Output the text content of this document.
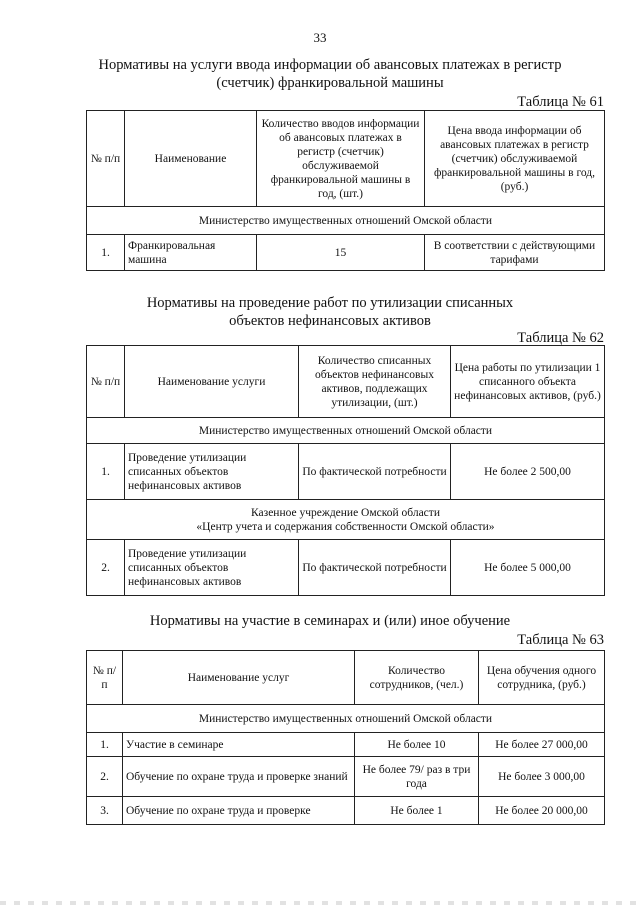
33
Нормативы на услуги ввода информации об авансовых платежах в регистр
(счетчик) франкировальной машины
Таблица № 61
№ п/п	Наименование	Количество вводов информации об авансовых платежах в регистр (счетчик) обслуживаемой франкировальной машины в год, (шт.)	Цена ввода информации об авансовых платежах в регистр (счетчик) обслуживаемой франкировальной машины в год, (руб.)
Министерство имущественных отношений Омской области			
1.	Франкировальная машина	15	В соответствии с действующими тарифами
Нормативы на проведение работ по утилизации списанных
объектов нефинансовых активов
Таблица № 62
№ п/п	Наименование услуги	Количество списанных объектов нефинансовых активов, подлежащих утилизации, (шт.)	Цена работы по утилизации 1 списанного объекта нефинансовых активов, (руб.)
Министерство имущественных отношений Омской области			
1.	Проведение утилизации списанных объектов нефинансовых активов	По фактической потребности	Не более 2 500,00

Казенное учреждение Омской области
«Центр учета и содержания собственности Омской области»			

2.	Проведение утилизации списанных объектов нефинансовых активов	По фактической потребности	Не более 5 000,00
Нормативы на участие в семинарах и (или) иное обучение
Таблица № 63
№ п/п	Наименование услуг	Количество сотрудников, (чел.)	Цена обучения одного сотрудника, (руб.)
Министерство имущественных отношений Омской области			
1.	Участие в семинаре	Не более 10	Не более 27 000,00
2.	Обучение по охране труда и проверке знаний	Не более 79/ раз в три года	Не более 3 000,00
3.	Обучение по охране труда и проверке	Не более 1	Не более 20 000,00
